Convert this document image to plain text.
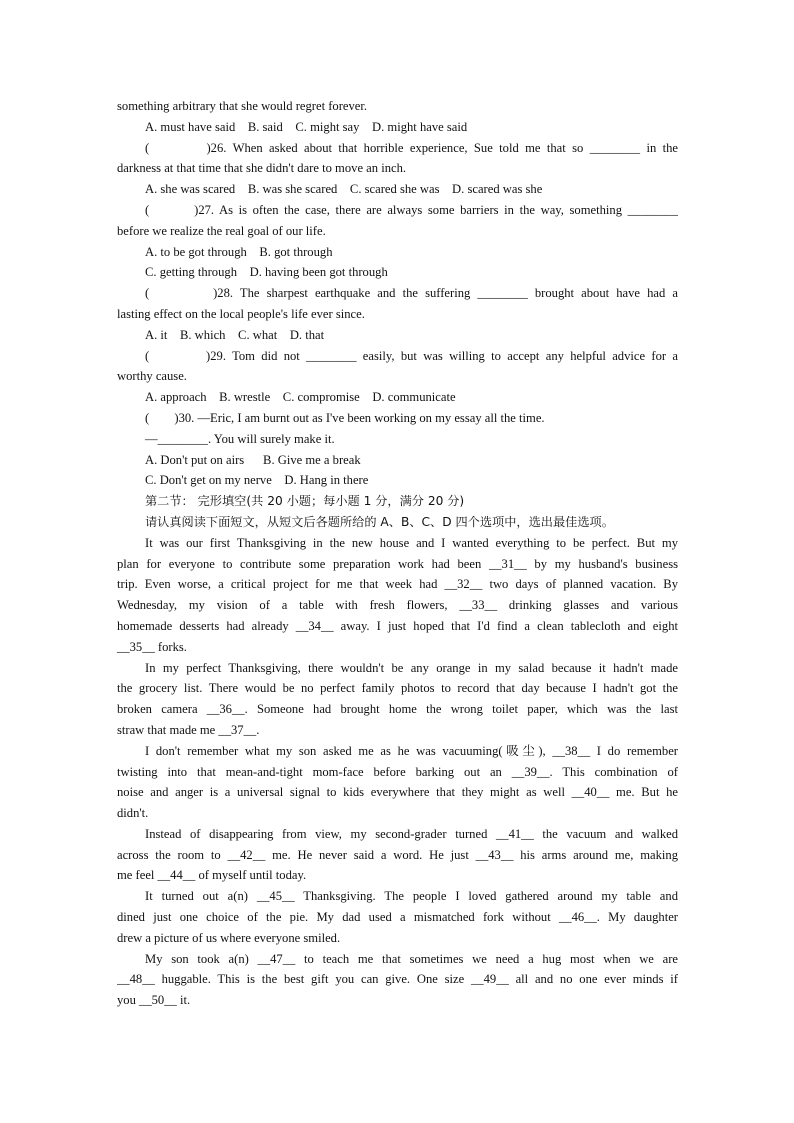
something arbitrary that she would regret forever.
A. must have said    B. said    C. might say    D. might have said
(         )26. When asked about that horrible experience, Sue told me that so ________ in the
darkness at that time that she didn't dare to move an inch.
A. she was scared    B. was she scared    C. scared she was    D. scared was she
(        )27. As is often the case, there are always some barriers in the way, something ________
before we realize the real goal of our life.
A. to be got through    B. got through
C. getting through    D. having been got through
(         )28. The sharpest earthquake and the suffering ________ brought about have had a
lasting effect on the local people's life ever since.
A. it    B. which    C. what    D. that
(         )29. Tom did not ________ easily, but was willing to accept any helpful advice for a
worthy cause.
A. approach    B. wrestle    C. compromise    D. communicate
(        )30. —Eric, I am burnt out as I've been working on my essay all the time.
—________. You will surely make it.
A. Don't put on airs      B. Give me a break
C. Don't get on my nerve    D. Hang in there
第二节： 完形填空(共 20 小题；每小题 1 分，满分 20 分)
请认真阅读下面短文，从短文后各题所给的 A、B、C、D 四个选项中，选出最佳选项。
It was our first Thanksgiving in the new house and I wanted everything to be perfect. But my
plan for everyone to contribute some preparation work had been __31__ by my husband's business
trip. Even worse, a critical project for me that week had __32__ two days of planned vacation. By
Wednesday, my vision of a table with fresh flowers, __33__ drinking glasses and various
homemade desserts had already __34__ away. I just hoped that I'd find a clean tablecloth and eight
__35__ forks.
In my perfect Thanksgiving, there wouldn't be any orange in my salad because it hadn't made
the grocery list. There would be no perfect family photos to record that day because I hadn't got the
broken camera __36__. Someone had brought home the wrong toilet paper, which was the last
straw that made me __37__.
I don't remember what my son asked me as he was vacuuming(吸尘), __38__ I do remember
twisting into that mean-and-tight mom-face before barking out an __39__. This combination of
noise and anger is a universal signal to kids everywhere that they might as well __40__ me. But he
didn't.
Instead of disappearing from view, my second-grader turned __41__ the vacuum and walked
across the room to __42__ me. He never said a word. He just __43__ his arms around me, making
me feel __44__ of myself until today.
It turned out a(n) __45__ Thanksgiving. The people I loved gathered around my table and
dined just one choice of the pie. My dad used a mismatched fork without __46__. My daughter
drew a picture of us where everyone smiled.
My son took a(n) __47__ to teach me that sometimes we need a hug most when we are
__48__ huggable. This is the best gift you can give. One size __49__ all and no one ever minds if
you __50__ it.
